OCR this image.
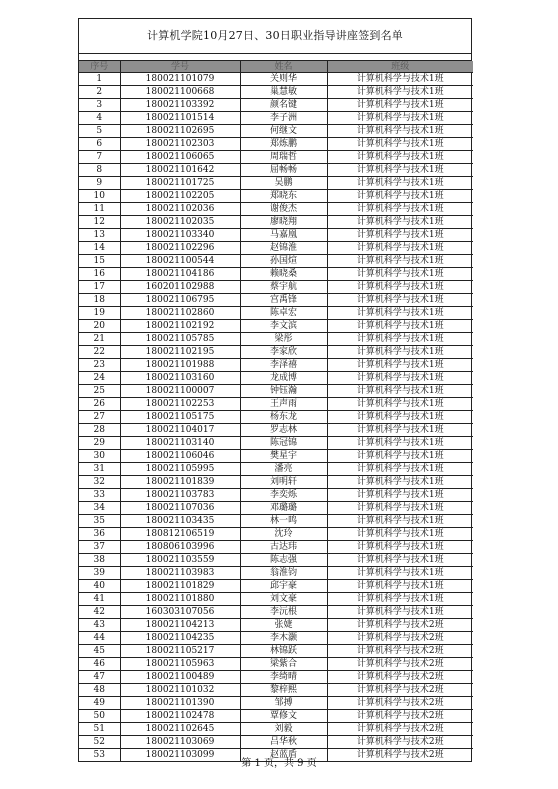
计算机学院10月27日、30日职业指导讲座签到名单
序号	学号	姓名	班级
1	180021101079	关则华	计算机科学与技术1班
2	180021100668	巢慧敏	计算机科学与技术1班
3	180021103392	颜名键	计算机科学与技术1班
4	180021101514	李子洲	计算机科学与技术1班
5	180021102695	何继文	计算机科学与技术1班
6	180021102303	郑炼鹏	计算机科学与技术1班
7	180021106065	周瑞哲	计算机科学与技术1班
8	180021101642	屈畅畅	计算机科学与技术1班
9	180021101725	吴鹏	计算机科学与技术1班
10	180021102205	郑晓东	计算机科学与技术1班
11	180021102036	谢俊杰	计算机科学与技术1班
12	180021102035	廖晓翔	计算机科学与技术1班
13	180021103340	马嘉凰	计算机科学与技术1班
14	180021102296	赵锦淮	计算机科学与技术1班
15	180021100544	孙国煊	计算机科学与技术1班
16	180021104186	赖晓桑	计算机科学与技术1班
17	160201102988	蔡宇航	计算机科学与技术1班
18	180021106795	宫禹锋	计算机科学与技术1班
19	180021102860	陈卓宏	计算机科学与技术1班
20	180021102192	李文滨	计算机科学与技术1班
21	180021105785	梁彤	计算机科学与技术1班
22	180021102195	李家欣	计算机科学与技术1班
23	180021101988	李泽禧	计算机科学与技术1班
24	180021103160	龙成博	计算机科学与技术1班
25	180021100007	钟钰瀚	计算机科学与技术1班
26	180021102253	王声雨	计算机科学与技术1班
27	180021105175	杨东龙	计算机科学与技术1班
28	180021104017	罗志林	计算机科学与技术1班
29	180021103140	陈冠锦	计算机科学与技术1班
30	180021106046	樊星宇	计算机科学与技术1班
31	180021105995	潘亮	计算机科学与技术1班
32	180021101839	刘明轩	计算机科学与技术1班
33	180021103783	李奕烁	计算机科学与技术1班
34	180021107036	邓璐璐	计算机科学与技术1班
35	180021103435	林一鸣	计算机科学与技术1班
36	180812106519	沈玲	计算机科学与技术1班
37	180806103996	古达玮	计算机科学与技术1班
38	180021103559	陈志强	计算机科学与技术1班
39	180021103983	翁淮钧	计算机科学与技术1班
40	180021101829	邱宇豪	计算机科学与技术1班
41	180021101880	刘文豪	计算机科学与技术1班
42	160303107056	李沅根	计算机科学与技术1班
43	180021104213	张婕	计算机科学与技术2班
44	180021104235	李木灏	计算机科学与技术2班
45	180021105217	林锦跃	计算机科学与技术2班
46	180021105963	梁紫合	计算机科学与技术2班
47	180021100489	李绮晴	计算机科学与技术2班
48	180021101032	黎梓熙	计算机科学与技术2班
49	180021101390	邹搏	计算机科学与技术2班
50	180021102478	覃修文	计算机科学与技术2班
51	180021102645	刘毅	计算机科学与技术2班
52	180021103069	吕华秋	计算机科学与技术2班
53	180021103099	赵蓝盾	计算机科学与技术2班
第 1 页，共 9 页
